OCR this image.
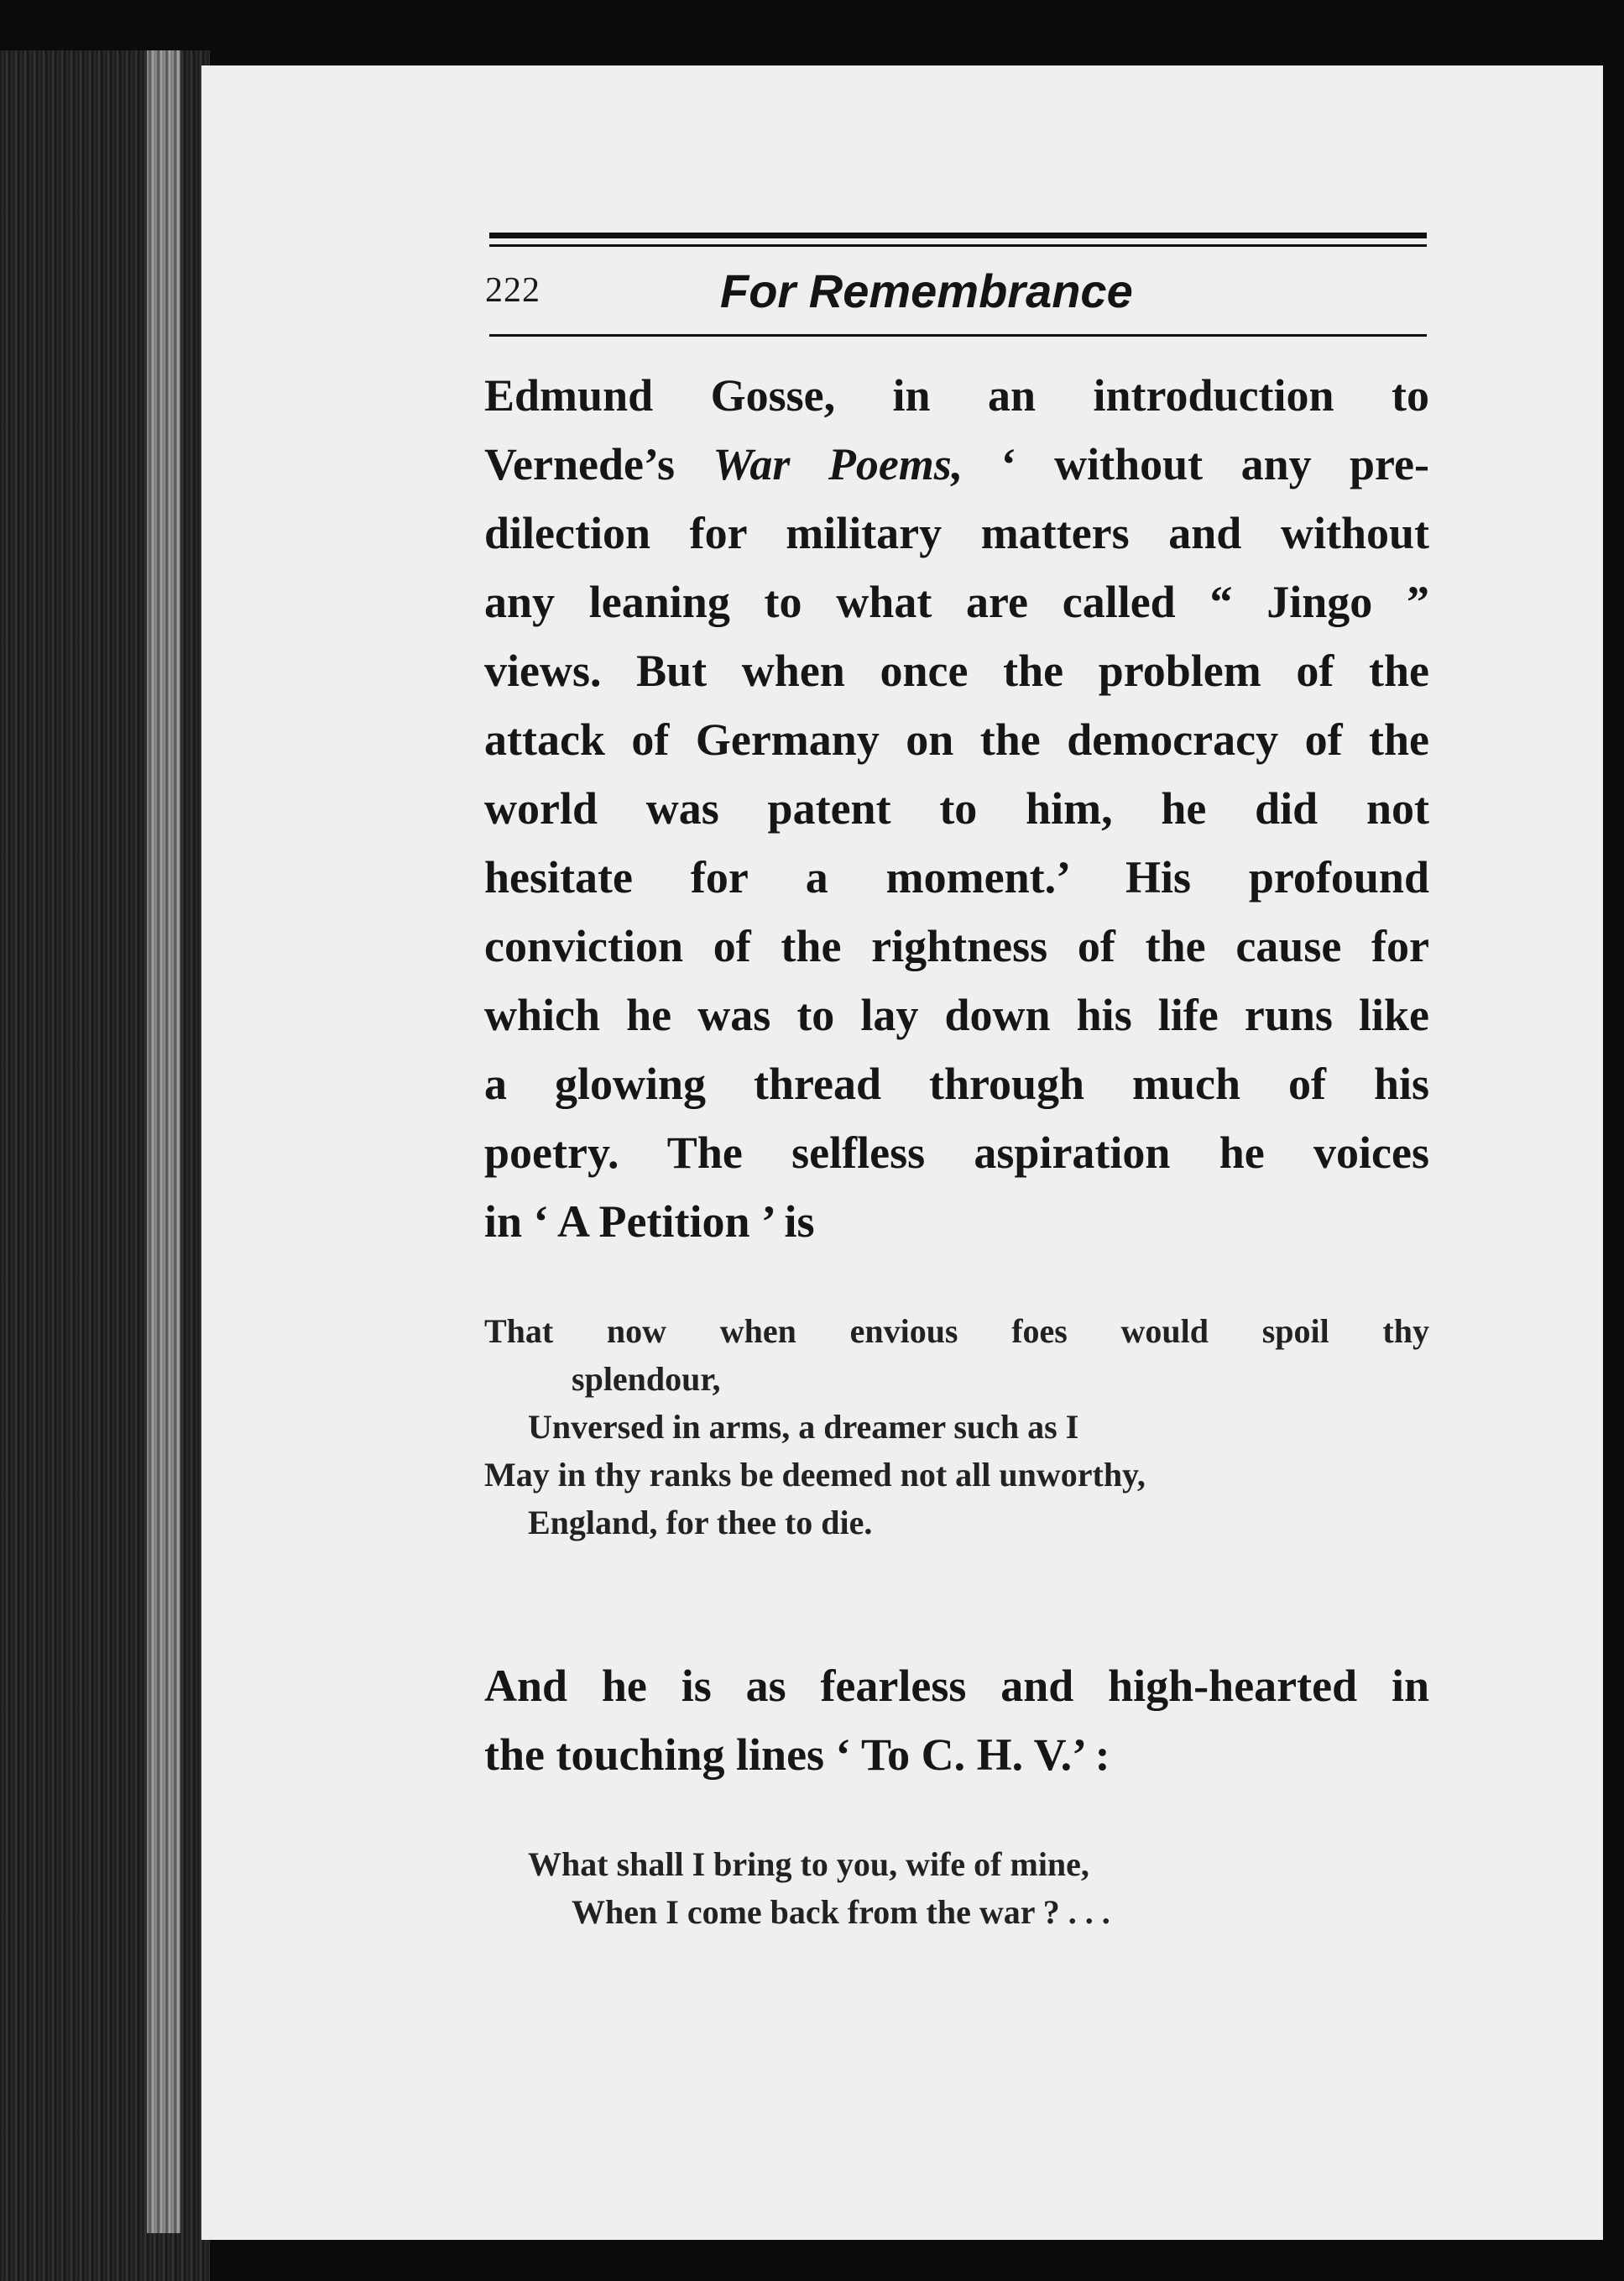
222	For Remembrance
Edmund Gosse, in an introduction to
Vernede’s War Poems, ‘ without any pre-
dilection for military matters and without
any leaning to what are called “ Jingo ”
views. But when once the problem of the
attack of Germany on the democracy of the
world was patent to him, he did not
hesitate for a moment.’ His profound
conviction of the rightness of the cause for
which he was to lay down his life runs like
a glowing thread through much of his
poetry. The selfless aspiration he voices
in ‘ A Petition ’ is
That now when envious foes would spoil thy
splendour,
Unversed in arms, a dreamer such as I
May in thy ranks be deemed not all unworthy,
England, for thee to die.
And he is as fearless and high-hearted in
the touching lines ‘ To C. H. V.’ :
What shall I bring to you, wife of mine,
When I come back from the war ? . . .
